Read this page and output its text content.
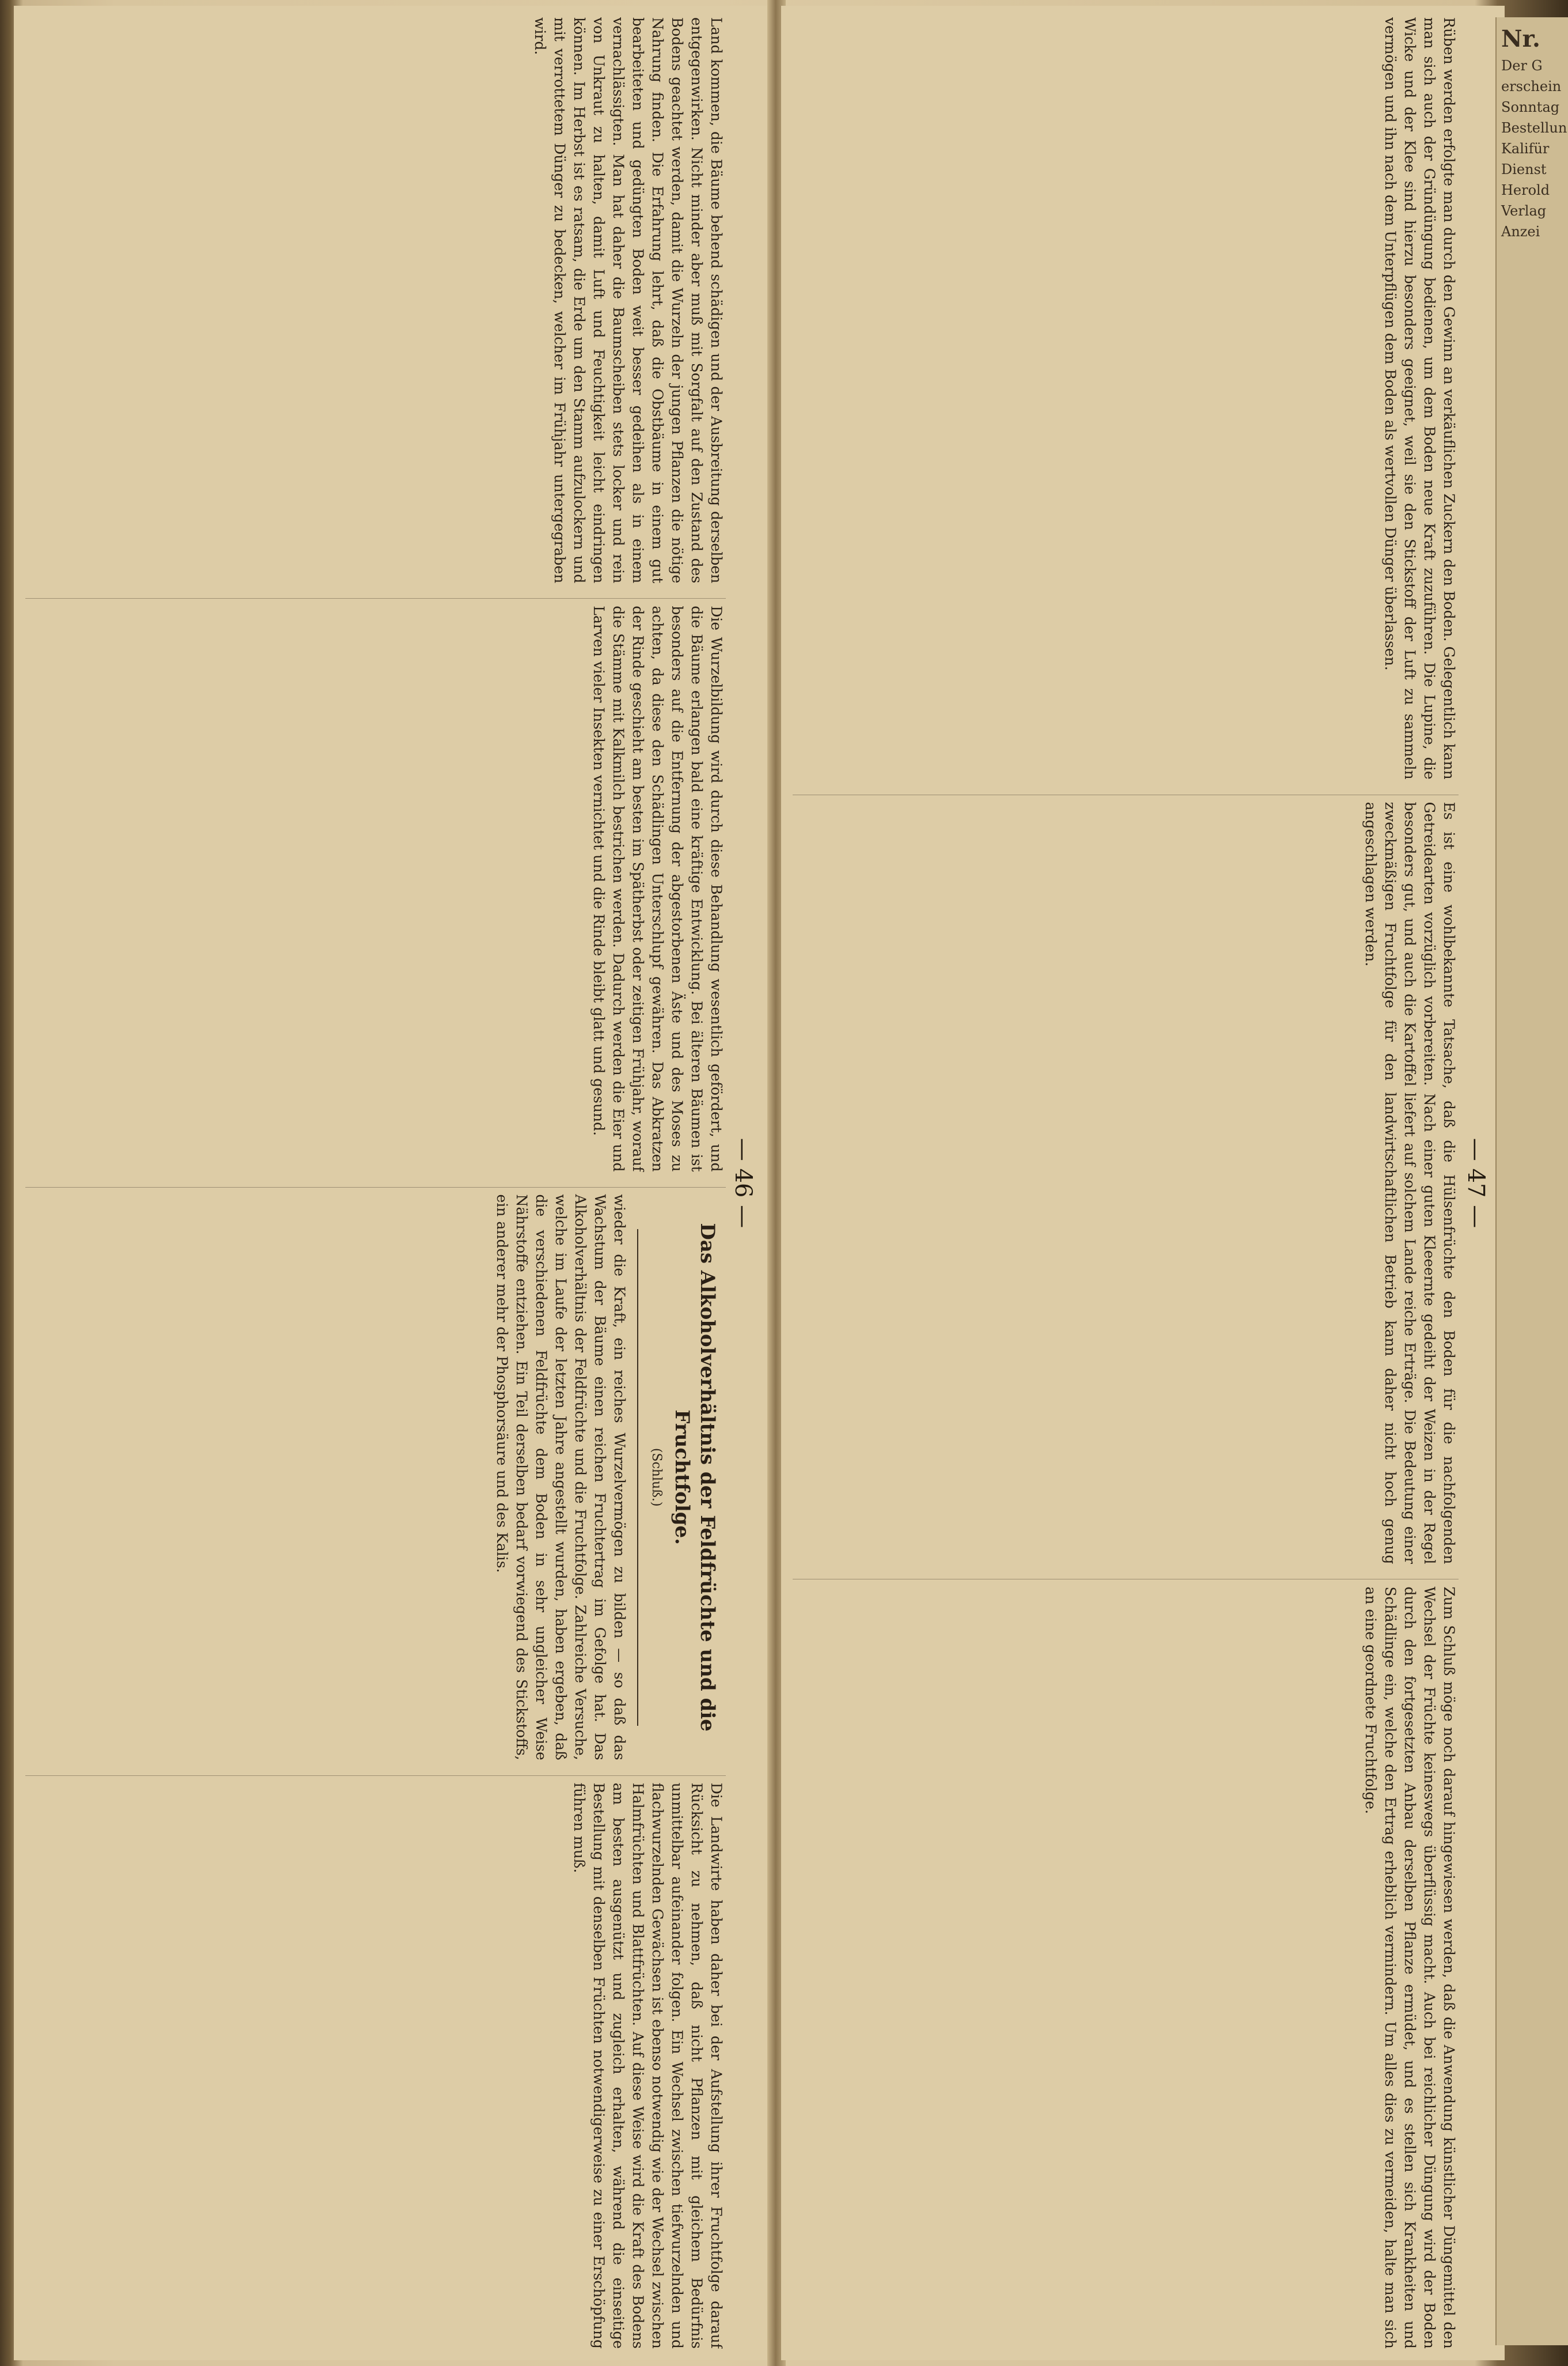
— 46 —
Land kommen, die Bäume behend schädigen und der Ausbreitung derselben entgegenwirken. Nicht minder aber muß mit Sorgfalt auf den Zustand des Bodens geachtet werden, damit die Wurzeln der jungen Pflanzen die nötige Nahrung finden. Die Erfahrung lehrt, daß die Obstbäume in einem gut bearbeiteten und gedüngten Boden weit besser gedeihen als in einem vernachlässigten. Man hat daher die Baumscheiben stets locker und rein von Unkraut zu halten, damit Luft und Feuchtigkeit leicht eindringen können. Im Herbst ist es ratsam, die Erde um den Stamm aufzulockern und mit verrottetem Dünger zu bedecken, welcher im Frühjahr untergegraben wird.
Die Wurzelbildung wird durch diese Behandlung wesentlich gefördert, und die Bäume erlangen bald eine kräftige Entwicklung. Bei älteren Bäumen ist besonders auf die Entfernung der abgestorbenen Äste und des Moses zu achten, da diese den Schädlingen Unterschlupf gewähren. Das Abkratzen der Rinde geschieht am besten im Spätherbst oder zeitigen Frühjahr, worauf die Stämme mit Kalkmilch bestrichen werden. Dadurch werden die Eier und Larven vieler Insekten vernichtet und die Rinde bleibt glatt und gesund.
Das Alkoholverhältnis der Feldfrüchte und die Fruchtfolge.
(Schluß.)
wieder die Kraft, ein reiches Wurzelvermögen zu bilden — so daß das Wachstum der Bäume einen reichen Fruchtertrag im Gefolge hat. Das Alkoholverhältnis der Feldfrüchte und die Fruchtfolge. Zahlreiche Versuche, welche im Laufe der letzten Jahre angestellt wurden, haben ergeben, daß die verschiedenen Feldfrüchte dem Boden in sehr ungleicher Weise Nährstoffe entziehen. Ein Teil derselben bedarf vorwiegend des Stickstoffs, ein anderer mehr der Phosphorsäure und des Kalis.
Die Landwirte haben daher bei der Aufstellung ihrer Fruchtfolge darauf Rücksicht zu nehmen, daß nicht Pflanzen mit gleichem Bedürfnis unmittelbar aufeinander folgen. Ein Wechsel zwischen tiefwurzelnden und flachwurzelnden Gewächsen ist ebenso notwendig wie der Wechsel zwischen Halmfrüchten und Blattfrüchten. Auf diese Weise wird die Kraft des Bodens am besten ausgenützt und zugleich erhalten, während die einseitige Bestellung mit denselben Früchten notwendigerweise zu einer Erschöpfung führen muß.
— 47 —
Rüben werden erfolgte man durch den Gewinn an verkäuflichen Zuckern den Boden. Gelegentlich kann man sich auch der Gründüngung bedienen, um dem Boden neue Kraft zuzuführen. Die Lupine, die Wicke und der Klee sind hierzu besonders geeignet, weil sie den Stickstoff der Luft zu sammeln vermögen und ihn nach dem Unterpflügen dem Boden als wertvollen Dünger überlassen.
Es ist eine wohlbekannte Tatsache, daß die Hülsenfrüchte den Boden für die nachfolgenden Getreidearten vorzüglich vorbereiten. Nach einer guten Kleeernte gedeiht der Weizen in der Regel besonders gut, und auch die Kartoffel liefert auf solchem Lande reiche Erträge. Die Bedeutung einer zweckmäßigen Fruchtfolge für den landwirtschaftlichen Betrieb kann daher nicht hoch genug angeschlagen werden.
Zum Schluß möge noch darauf hingewiesen werden, daß die Anwendung künstlicher Düngemittel den Wechsel der Früchte keineswegs überflüssig macht. Auch bei reichlicher Düngung wird der Boden durch den fortgesetzten Anbau derselben Pflanze ermüdet, und es stellen sich Krankheiten und Schädlinge ein, welche den Ertrag erheblich vermindern. Um alles dies zu vermeiden, halte man sich an eine geordnete Fruchtfolge.
Nr.
Der G
erschein
Sonntag
Bestellun
Kalifür
Dienst
Herold
Verlag
Anzei
